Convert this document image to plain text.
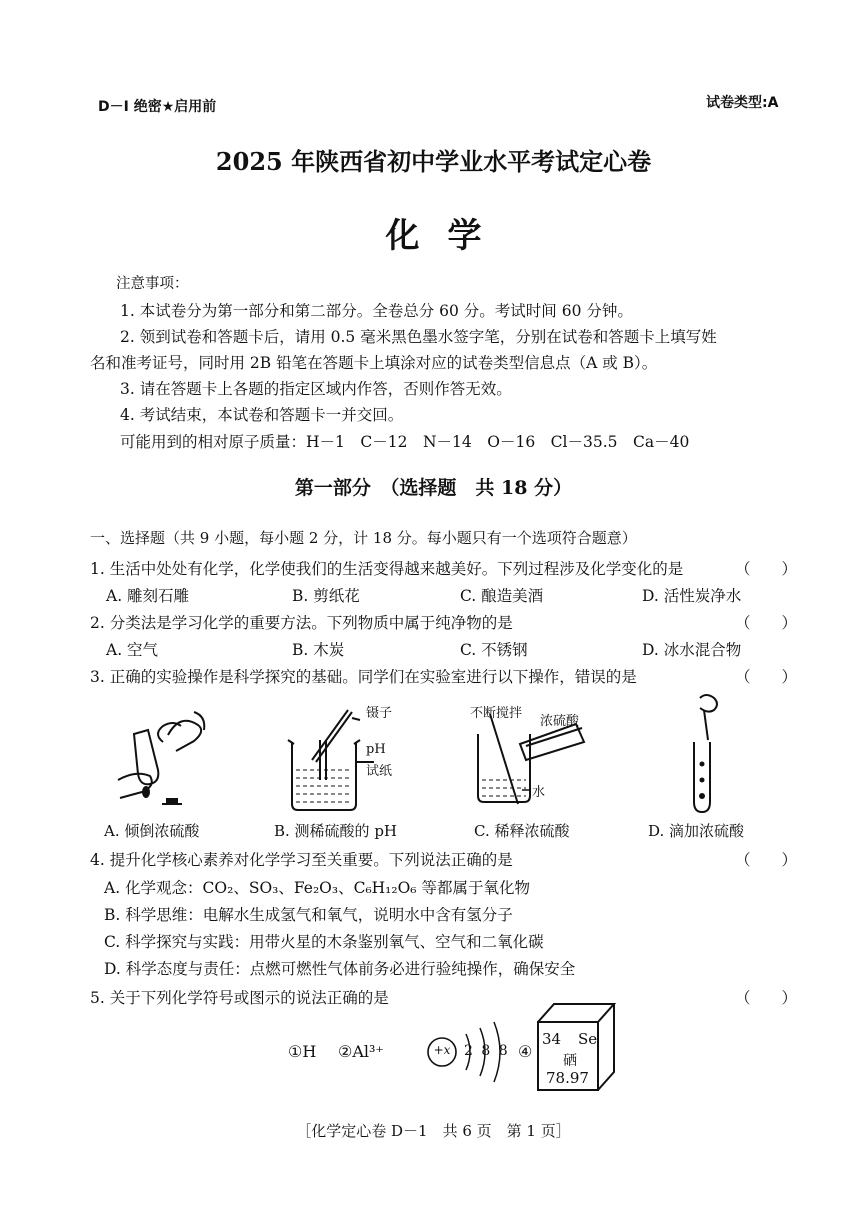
D－I 绝密★启用前	试卷类型:A
2025 年陕西省初中学业水平考试定心卷
化学
注意事项：
1. 本试卷分为第一部分和第二部分。全卷总分 60 分。考试时间 60 分钟。
2. 领到试卷和答题卡后，请用 0.5 毫米黑色墨水签字笔，分别在试卷和答题卡上填写姓
名和准考证号，同时用 2B 铅笔在答题卡上填涂对应的试卷类型信息点（A 或 B）。
3. 请在答题卡上各题的指定区域内作答，否则作答无效。
4. 考试结束，本试卷和答题卡一并交回。
可能用到的相对原子质量：H－1　C－12　N－14　O－16　Cl－35.5　Ca－40
第一部分　（选择题　共 18 分）
一、选择题（共 9 小题，每小题 2 分，计 18 分。每小题只有一个选项符合题意）
1. 生活中处处有化学，化学使我们的生活变得越来越美好。下列过程涉及化学变化的是	（　　）
A. 雕刻石雕	B. 剪纸花	C. 酿造美酒	D. 活性炭净水
2. 分类法是学习化学的重要方法。下列物质中属于纯净物的是	（　　）
A. 空气	B. 木炭	C. 不锈钢	D. 冰水混合物
3. 正确的实验操作是科学探究的基础。同学们在实验室进行以下操作，错误的是	（　　）
镊子
pH
试纸
不断搅拌
浓硫酸
水
A. 倾倒浓硫酸	B. 测稀硫酸的 pH	C. 稀释浓硫酸	D. 滴加浓硫酸
4. 提升化学核心素养对化学学习至关重要。下列说法正确的是	（　　）
A. 化学观念：CO₂、SO₃、Fe₂O₃、C₆H₁₂O₆ 等都属于氧化物
B. 科学思维：电解水生成氢气和氧气，说明水中含有氢分子
C. 科学探究与实践：用带火星的木条鉴别氧气、空气和二氧化碳
D. 科学态度与责任：点燃可燃性气体前务必进行验纯操作，确保安全
5. 关于下列化学符号或图示的说法正确的是	（　　）
①H ②Al³⁺	+x 2 8 8 ④
34 Se
硒
78.97
［化学定心卷 D－1　共 6 页　第 1 页］
